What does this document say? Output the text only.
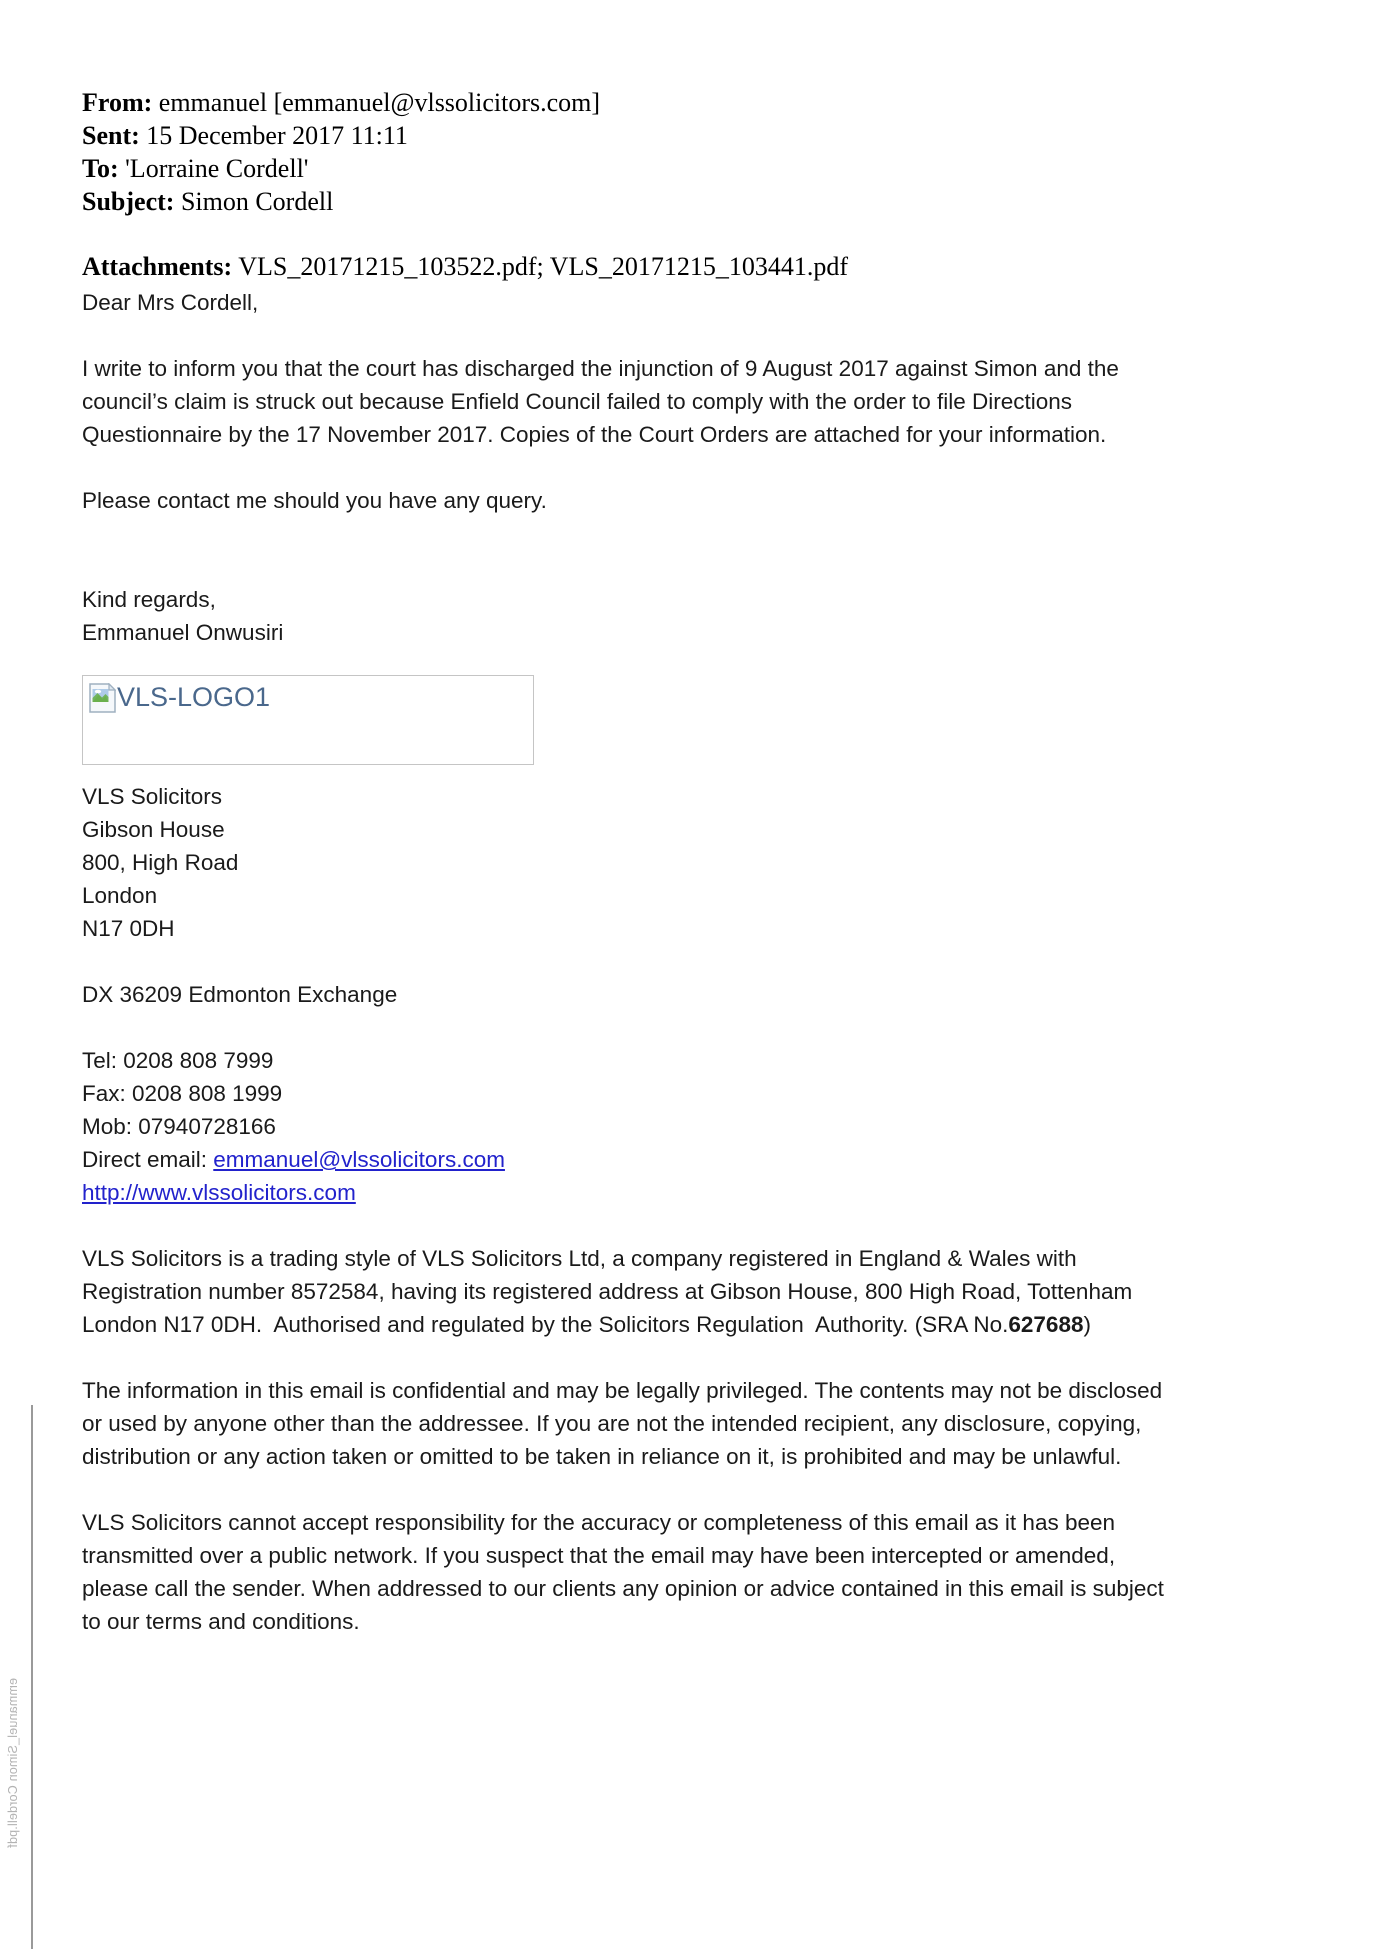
emmanuel_Simon Cordell.pdf
From: emmanuel [emmanuel@vlssolicitors.com]
Sent: 15 December 2017 11:11
To: 'Lorraine Cordell'
Subject: Simon Cordell
Attachments: VLS_20171215_103522.pdf; VLS_20171215_103441.pdf
Dear Mrs Cordell,
I write to inform you that the court has discharged the injunction of 9 August 2017 against Simon and the
council’s claim is struck out because Enfield Council failed to comply with the order to file Directions
Questionnaire by the 17 November 2017. Copies of the Court Orders are attached for your information.
Please contact me should you have any query.
Kind regards,
Emmanuel Onwusiri
VLS-LOGO1
VLS Solicitors
Gibson House
800, High Road
London
N17 0DH
DX 36209 Edmonton Exchange
Tel: 0208 808 7999
Fax: 0208 808 1999
Mob: 07940728166
Direct email: emmanuel@vlssolicitors.com
http://www.vlssolicitors.com
VLS Solicitors is a trading style of VLS Solicitors Ltd, a company registered in England & Wales with
Registration number 8572584, having its registered address at Gibson House, 800 High Road, Tottenham
London N17 0DH.  Authorised and regulated by the Solicitors Regulation  Authority. (SRA No.627688)
The information in this email is confidential and may be legally privileged. The contents may not be disclosed
or used by anyone other than the addressee. If you are not the intended recipient, any disclosure, copying,
distribution or any action taken or omitted to be taken in reliance on it, is prohibited and may be unlawful.
VLS Solicitors cannot accept responsibility for the accuracy or completeness of this email as it has been
transmitted over a public network. If you suspect that the email may have been intercepted or amended,
please call the sender. When addressed to our clients any opinion or advice contained in this email is subject
to our terms and conditions.
